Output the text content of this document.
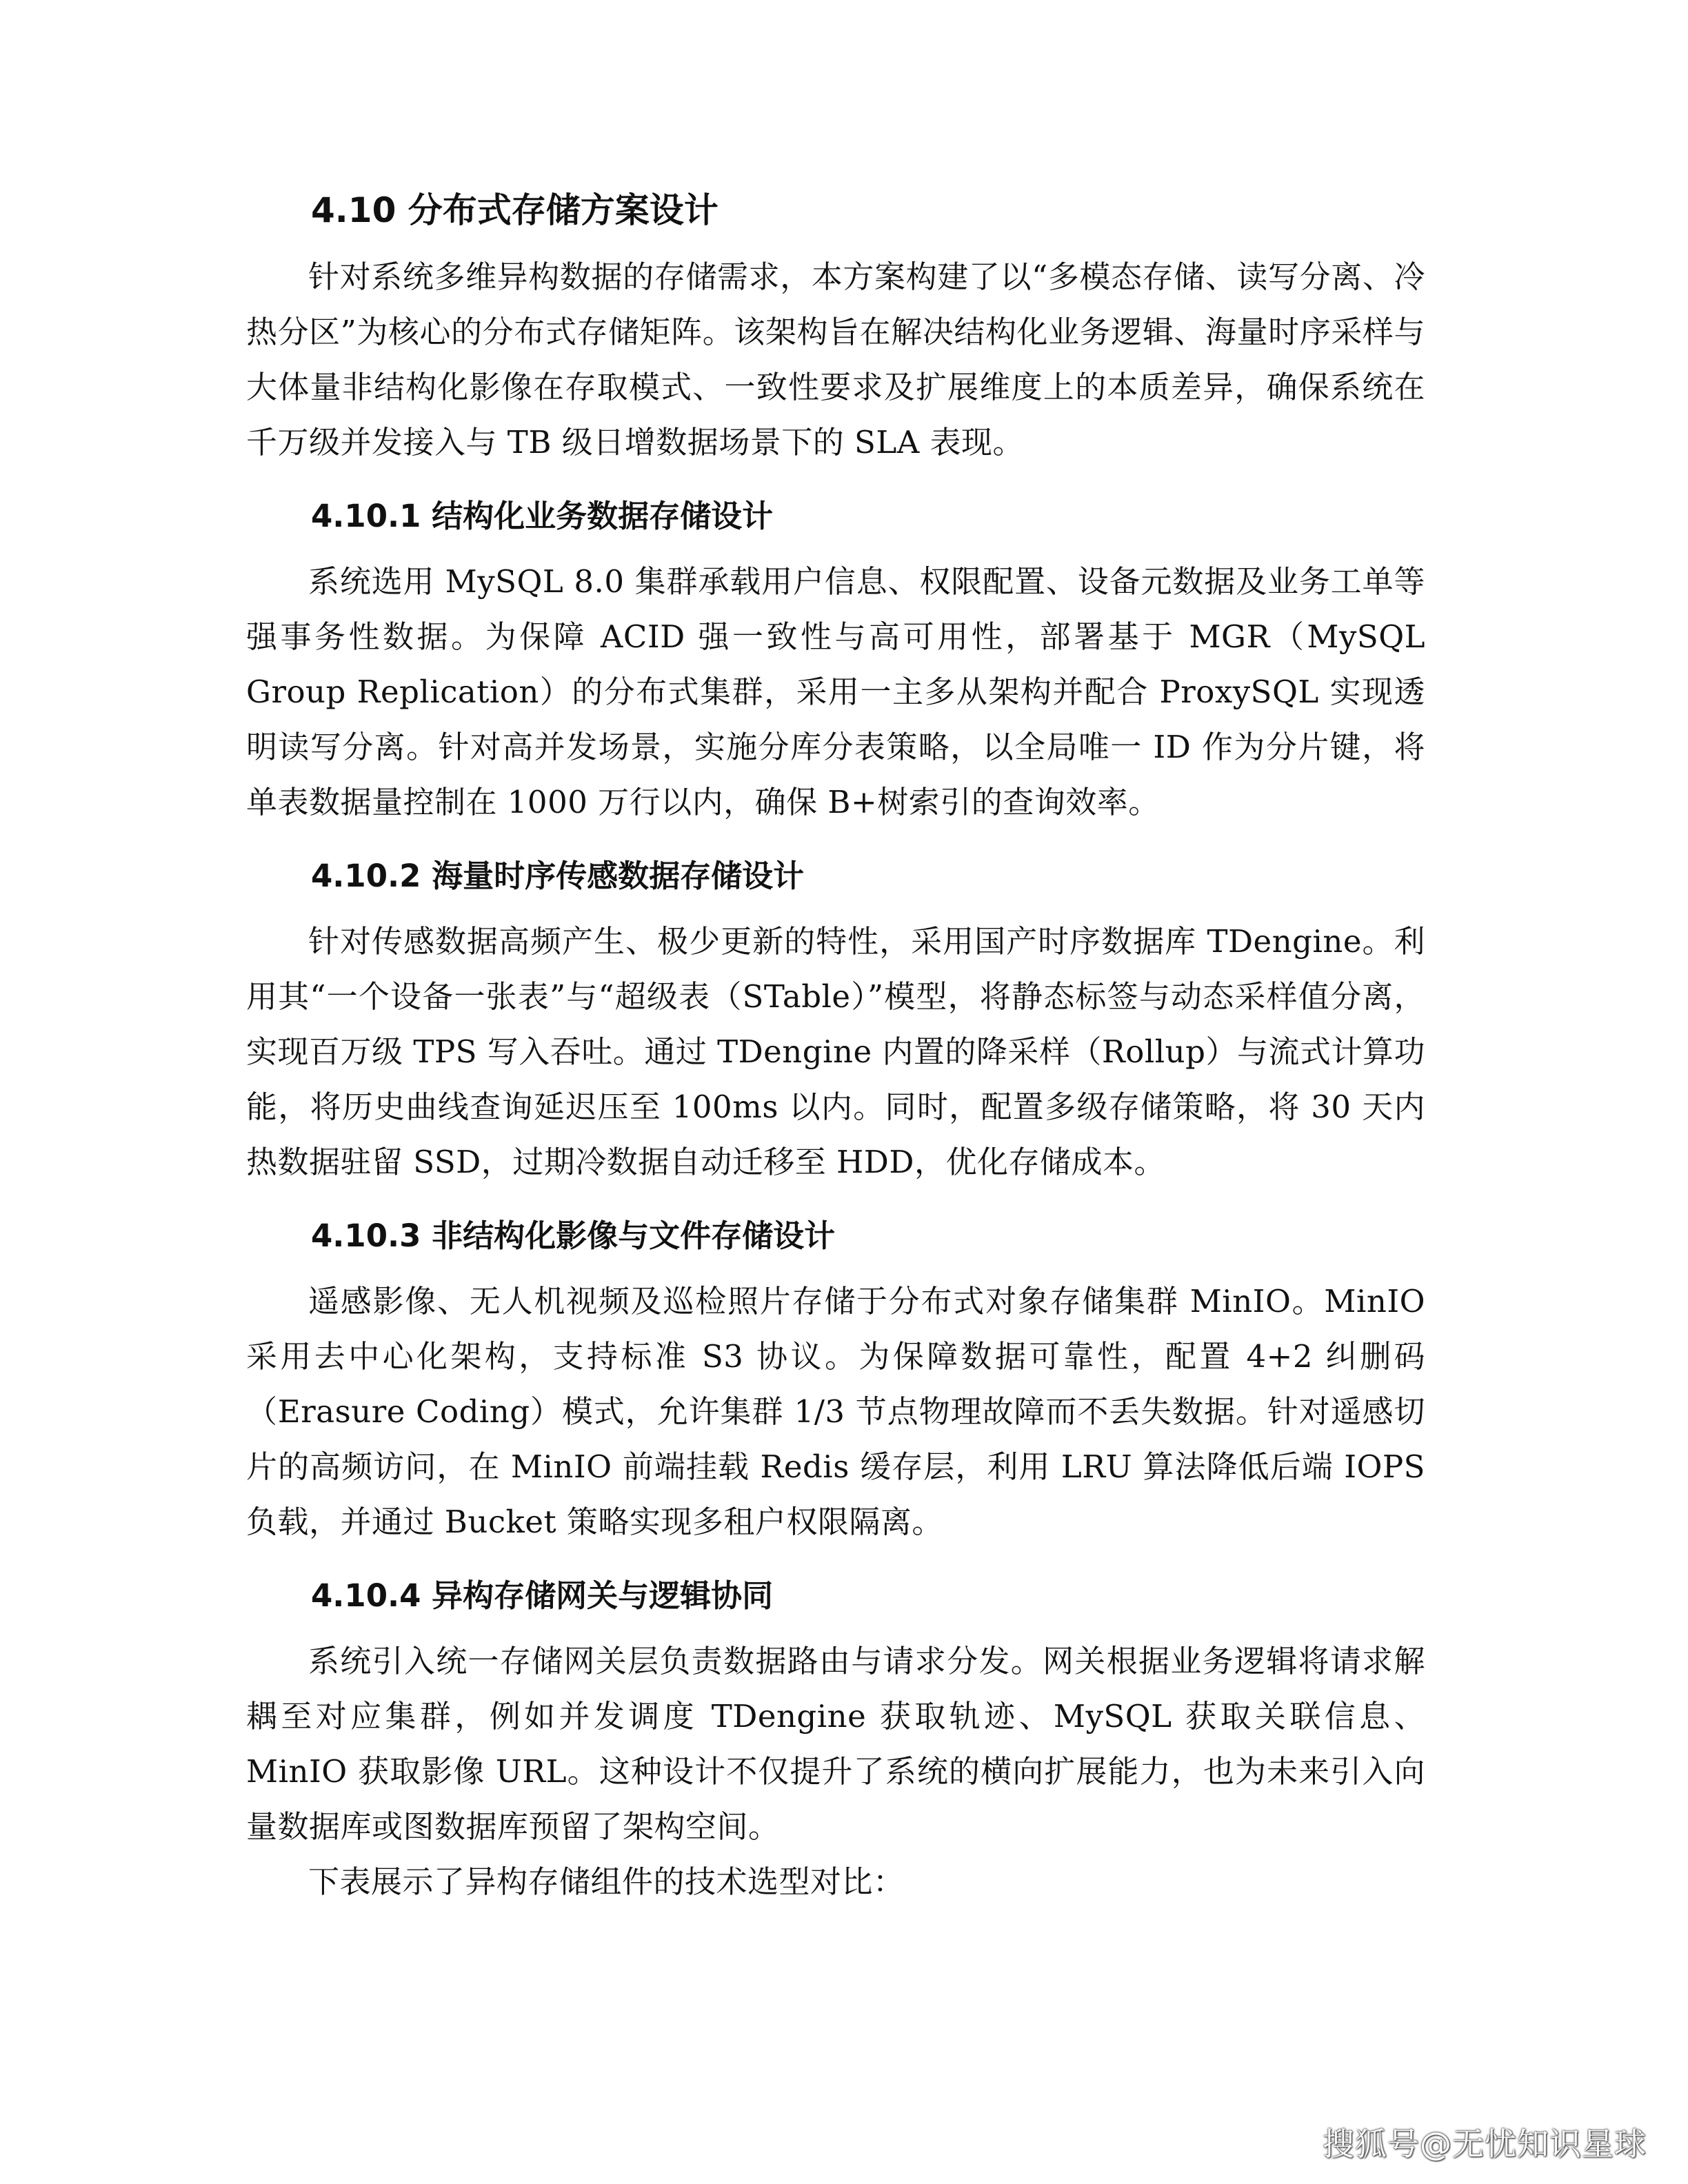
4.10 分布式存储方案设计

针对系统多维异构数据的存储需求，本方案构建了以“多模态存储、读写分离、冷热分区”为核心的分布式存储矩阵。该架构旨在解决结构化业务逻辑、海量时序采样与大体量非结构化影像在存取模式、一致性要求及扩展维度上的本质差异，确保系统在千万级并发接入与 TB 级日增数据场景下的 SLA 表现。

4.10.1 结构化业务数据存储设计

系统选用 MySQL 8.0 集群承载用户信息、权限配置、设备元数据及业务工单等强事务性数据。为保障 ACID 强一致性与高可用性，部署基于 MGR（MySQL Group Replication）的分布式集群，采用一主多从架构并配合 ProxySQL 实现透明读写分离。针对高并发场景，实施分库分表策略，以全局唯一 ID 作为分片键，将单表数据量控制在 1000 万行以内，确保 B+树索引的查询效率。

4.10.2 海量时序传感数据存储设计

针对传感数据高频产生、极少更新的特性，采用国产时序数据库 TDengine。利用其“一个设备一张表”与“超级表（STable）”模型，将静态标签与动态采样值分离，实现百万级 TPS 写入吞吐。通过 TDengine 内置的降采样（Rollup）与流式计算功能，将历史曲线查询延迟压至 100ms 以内。同时，配置多级存储策略，将 30 天内热数据驻留 SSD，过期冷数据自动迁移至 HDD，优化存储成本。

4.10.3 非结构化影像与文件存储设计

遥感影像、无人机视频及巡检照片存储于分布式对象存储集群 MinIO。MinIO 采用去中心化架构，支持标准 S3 协议。为保障数据可靠性，配置 4+2 纠删码（Erasure Coding）模式，允许集群 1/3 节点物理故障而不丢失数据。针对遥感切片的高频访问，在 MinIO 前端挂载 Redis 缓存层，利用 LRU 算法降低后端 IOPS 负载，并通过 Bucket 策略实现多租户权限隔离。

4.10.4 异构存储网关与逻辑协同

系统引入统一存储网关层负责数据路由与请求分发。网关根据业务逻辑将请求解耦至对应集群，例如并发调度 TDengine 获取轨迹、MySQL 获取关联信息、MinIO 获取影像 URL。这种设计不仅提升了系统的横向扩展能力，也为未来引入向量数据库或图数据库预留了架构空间。

下表展示了异构存储组件的技术选型对比：

搜狐号@无忧知识星球
